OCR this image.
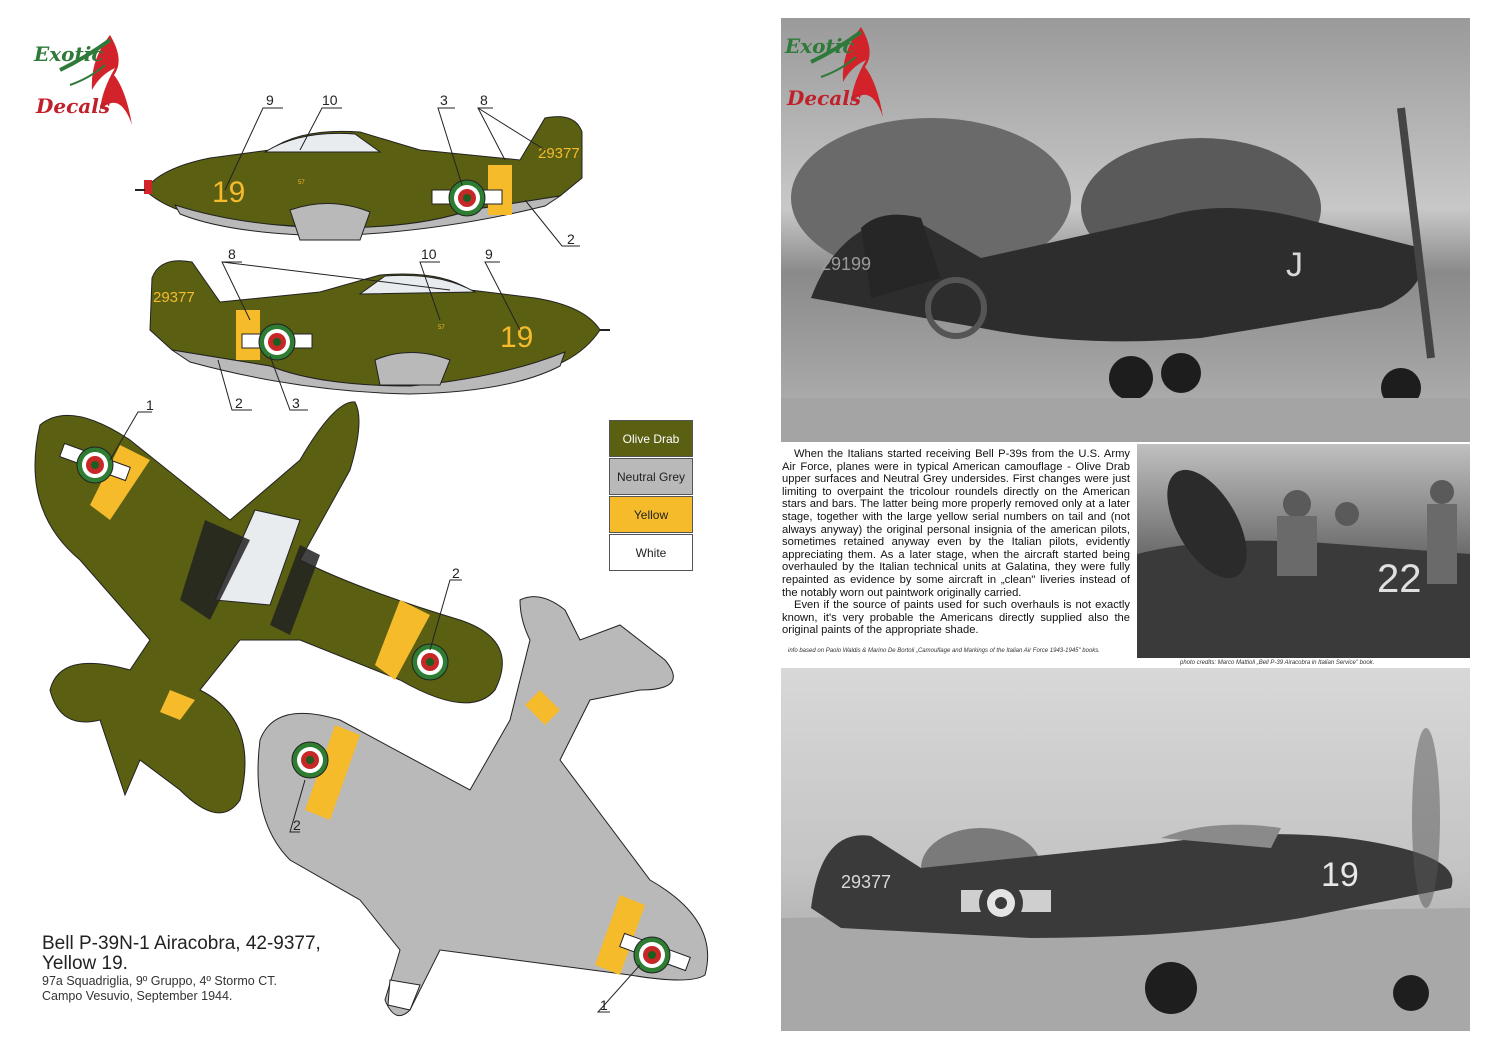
Exotic
Decals
19
29377
57
9	10	3 8
2
19
29377
57
8	10	9
2	3
1
2
2
1
Olive Drab
Neutral Grey
Yellow
White
Bell P-39N-1 Airacobra, 42-9377,
Yellow 19.
97a Squadriglia, 9º Gruppo, 4º Stormo CT.
Campo Vesuvio, September 1944.
29199	J
Exotic
Decals
22
29377	19

When the Italians started receiving Bell P-39s from the U.S. Army Air Force, planes were in typical American camouflage - Olive Drab upper surfaces and Neutral Grey undersides. First changes were just limiting to overpaint the tricolour roundels directly on the American stars and bars. The latter being more properly removed only at a later stage, together with the large yellow serial numbers on tail and (not always anyway) the original personal insignia of the american pilots, sometimes retained anyway even by the Italian pilots, evidently appreciating them. As a later stage, when the aircraft started being overhauled by the Italian technical units at Galatina, they were fully repainted as evidence by some aircraft in „clean" liveries instead of the notably worn out paintwork originally carried.

Even if the source of paints used for such overhauls is not exactly known, it's very probable the Americans directly supplied also the original paints of the appropriate shade.

info based on Paolo Waldis & Marino De Bortoli „Camouflage and Markings of the Italian Air Force 1943-1945" books.
photo credits: Marco Mattioli „Bell P-39 Airacobra in Italian Service" book.
